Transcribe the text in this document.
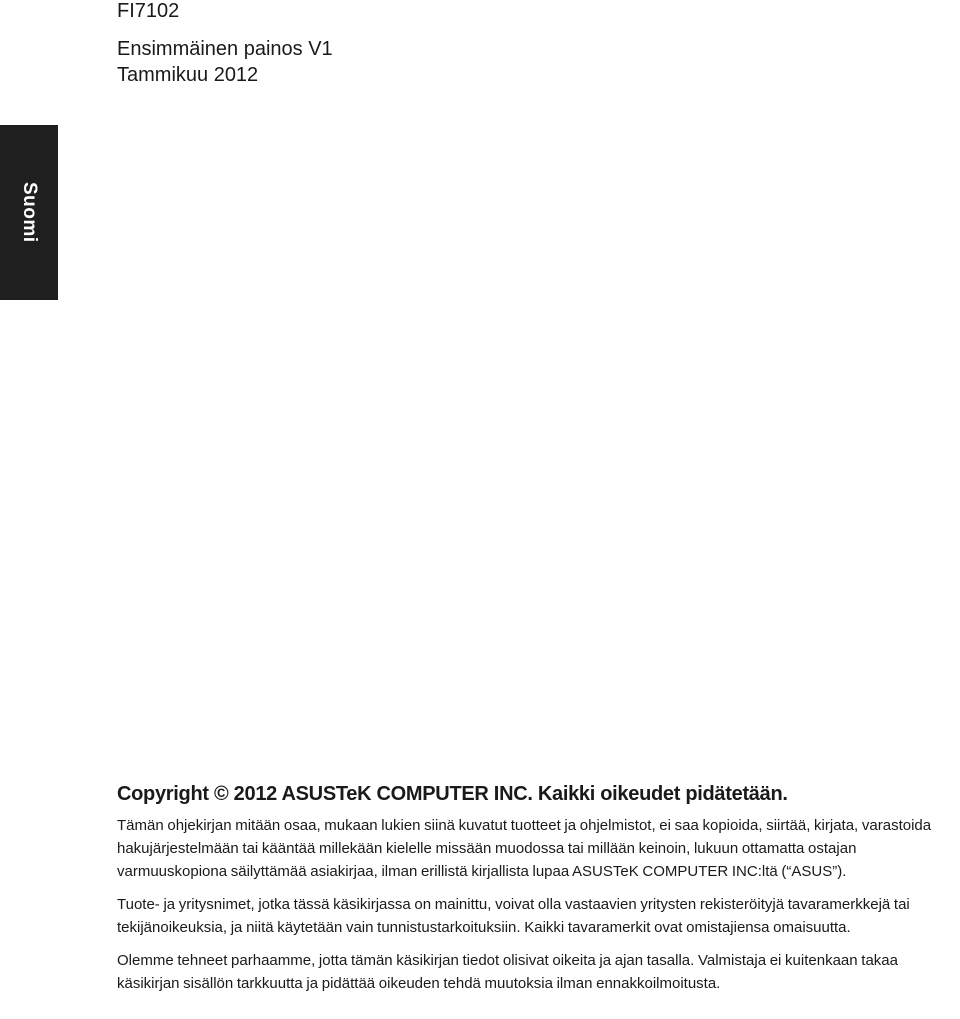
FI7102
Ensimmäinen painos V1
Tammikuu 2012
Suomi
Copyright © 2012 ASUSTeK COMPUTER INC. Kaikki oikeudet pidätetään.

Tämän ohjekirjan mitään osaa, mukaan lukien siinä kuvatut tuotteet ja ohjelmistot, ei saa kopioida, siirtää, kirjata, varastoida hakujärjestelmään tai kääntää millekään kielelle missään muodossa tai millään keinoin, lukuun ottamatta ostajan varmuuskopiona säilyttämää asiakirjaa, ilman erillistä kirjallista lupaa ASUSTeK COMPUTER INC:ltä (“ASUS”).

Tuote- ja yritysnimet, jotka tässä käsikirjassa on mainittu, voivat olla vastaavien yritysten rekisteröityjä tavaramerkkejä tai tekijänoikeuksia, ja niitä käytetään vain tunnistustarkoituksiin. Kaikki tavaramerkit ovat omistajiensa omaisuutta.

Olemme tehneet parhaamme, jotta tämän käsikirjan tiedot olisivat oikeita ja ajan tasalla. Valmistaja ei kuitenkaan takaa käsikirjan sisällön tarkkuutta ja pidättää oikeuden tehdä muutoksia ilman ennakkoilmoitusta.
